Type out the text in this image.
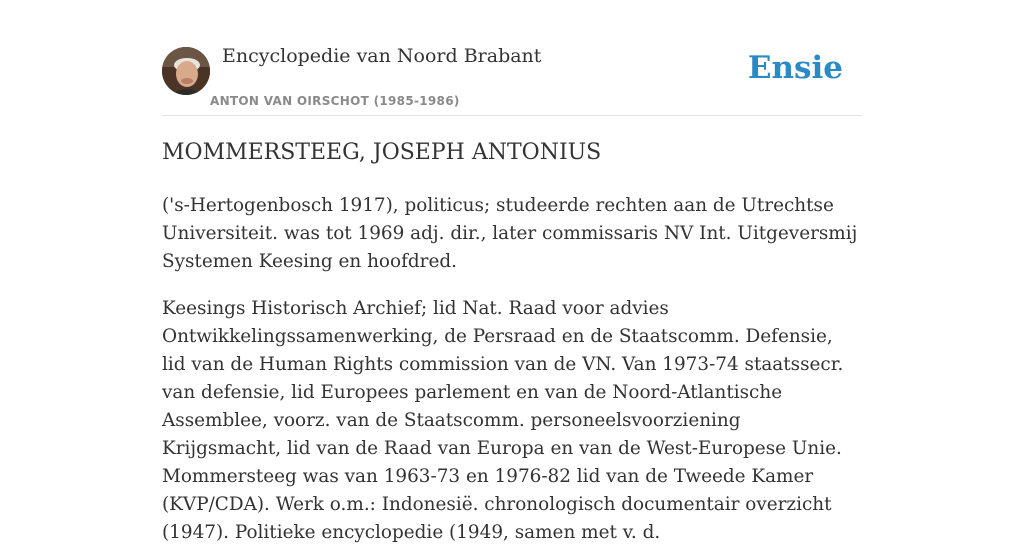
Encyclopedie van Noord Brabant
ANTON VAN OIRSCHOT (1985-1986)
Ensie
MOMMERSTEEG, JOSEPH ANTONIUS

('s-Hertogenbosch 1917), politicus; studeerde rechten aan de Utrechtse Universiteit. was tot 1969 adj. dir., later commissaris NV Int. Uitgeversmij Systemen Keesing en hoofdred.

Keesings Historisch Archief; lid Nat. Raad voor advies Ontwikkelingssamenwerking, de Persraad en de Staatscomm. Defensie, lid van de Human Rights commission van de VN. Van 1973-74 staatssecr. van defensie, lid Europees parlement en van de Noord-Atlantische Assemblee, voorz. van de Staatscomm. personeelsvoorziening Krijgsmacht, lid van de Raad van Europa en van de West-Europese Unie. Mommersteeg was van 1963-73 en 1976-82 lid van de Tweede Kamer (KVP/CDA). Werk o.m.: Indonesië. chronologisch documentair overzicht (1947). Politieke encyclopedie (1949, samen met v. d.
